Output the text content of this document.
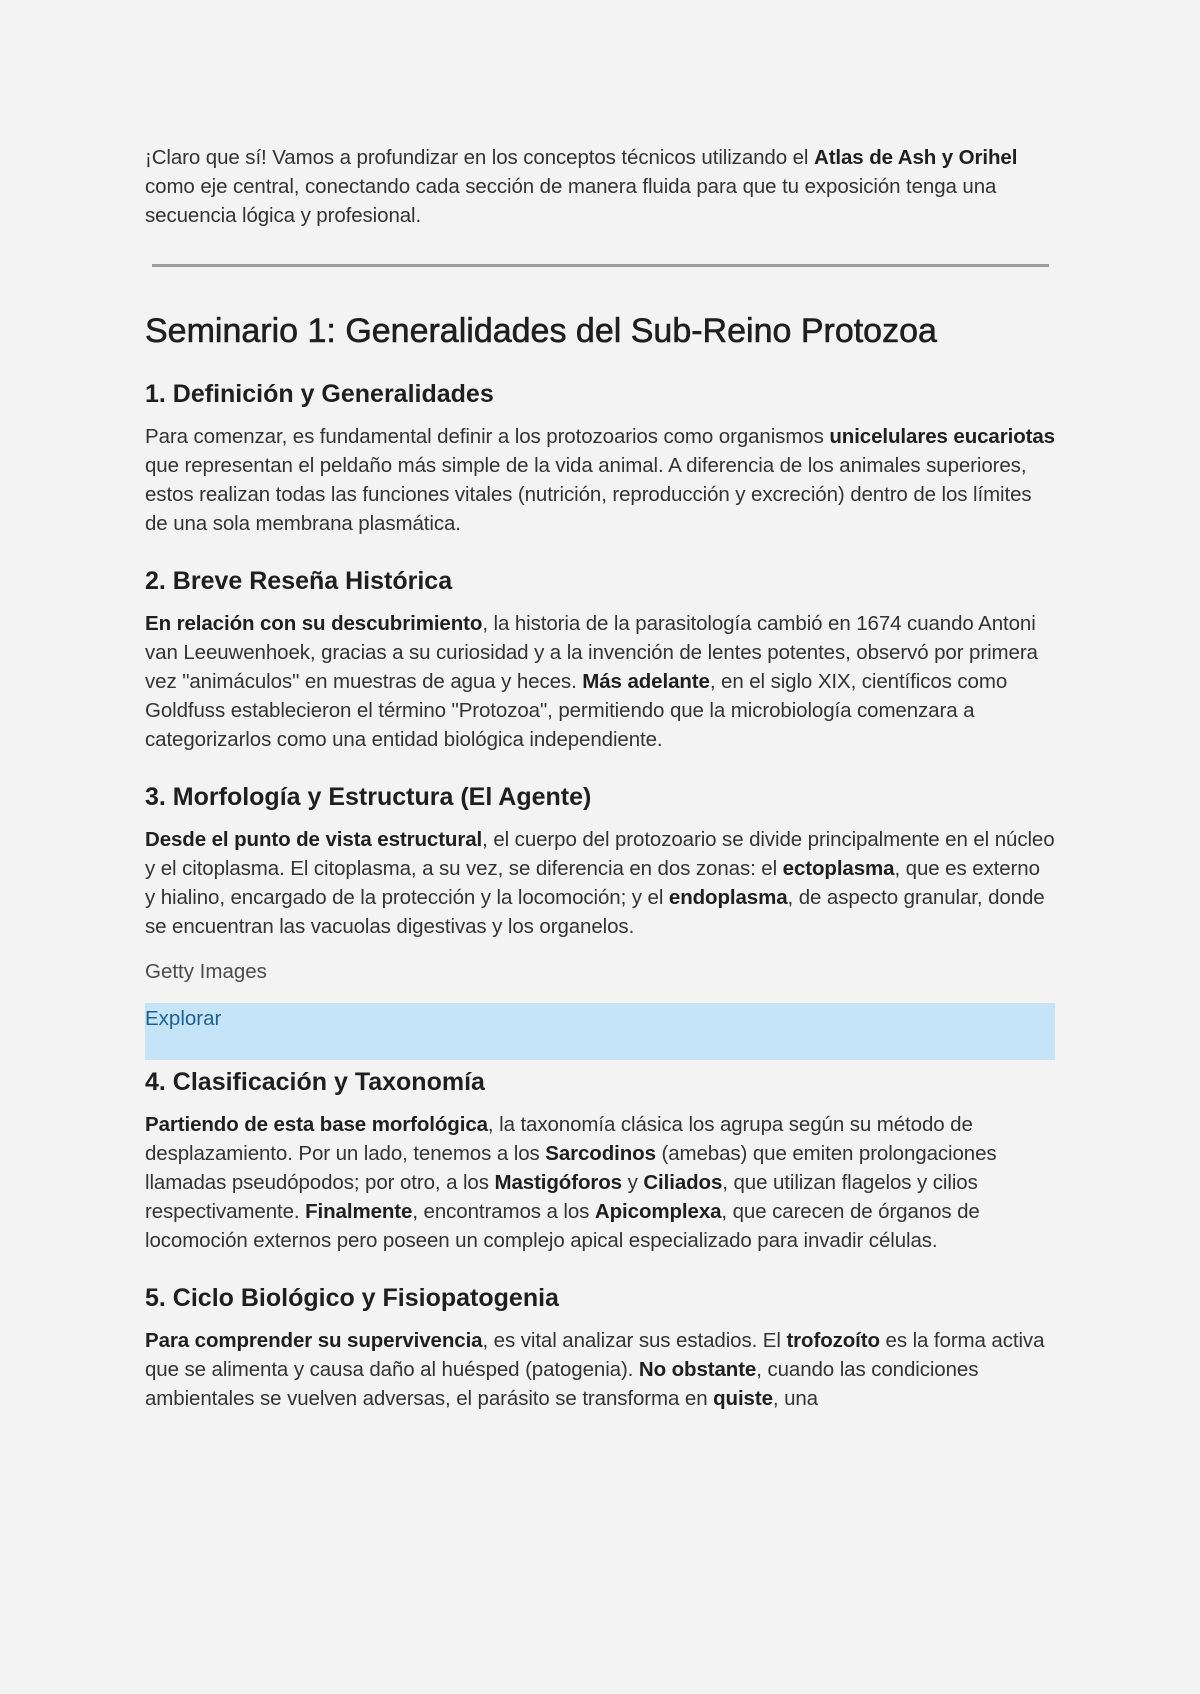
¡Claro que sí! Vamos a profundizar en los conceptos técnicos utilizando el Atlas de Ash y Orihel como eje central, conectando cada sección de manera fluida para que tu exposición tenga una secuencia lógica y profesional.

Seminario 1: Generalidades del Sub-Reino Protozoa
1. Definición y Generalidades

Para comenzar, es fundamental definir a los protozoarios como organismos unicelulares eucariotas que representan el peldaño más simple de la vida animal. A diferencia de los animales superiores, estos realizan todas las funciones vitales (nutrición, reproducción y excreción) dentro de los límites de una sola membrana plasmática.

2. Breve Reseña Histórica

En relación con su descubrimiento, la historia de la parasitología cambió en 1674 cuando Antoni van Leeuwenhoek, gracias a su curiosidad y a la invención de lentes potentes, observó por primera vez "animáculos" en muestras de agua y heces. Más adelante, en el siglo XIX, científicos como Goldfuss establecieron el término "Protozoa", permitiendo que la microbiología comenzara a categorizarlos como una entidad biológica independiente.

3. Morfología y Estructura (El Agente)

Desde el punto de vista estructural, el cuerpo del protozoario se divide principalmente en el núcleo y el citoplasma. El citoplasma, a su vez, se diferencia en dos zonas: el ectoplasma, que es externo y hialino, encargado de la protección y la locomoción; y el endoplasma, de aspecto granular, donde se encuentran las vacuolas digestivas y los organelos.

Getty Images
Explorar
4. Clasificación y Taxonomía

Partiendo de esta base morfológica, la taxonomía clásica los agrupa según su método de desplazamiento. Por un lado, tenemos a los Sarcodinos (amebas) que emiten prolongaciones llamadas pseudópodos; por otro, a los Mastigóforos y Ciliados, que utilizan flagelos y cilios respectivamente. Finalmente, encontramos a los Apicomplexa, que carecen de órganos de locomoción externos pero poseen un complejo apical especializado para invadir células.

5. Ciclo Biológico y Fisiopatogenia

Para comprender su supervivencia, es vital analizar sus estadios. El trofozoíto es la forma activa que se alimenta y causa daño al huésped (patogenia). No obstante, cuando las condiciones ambientales se vuelven adversas, el parásito se transforma en quiste, una
